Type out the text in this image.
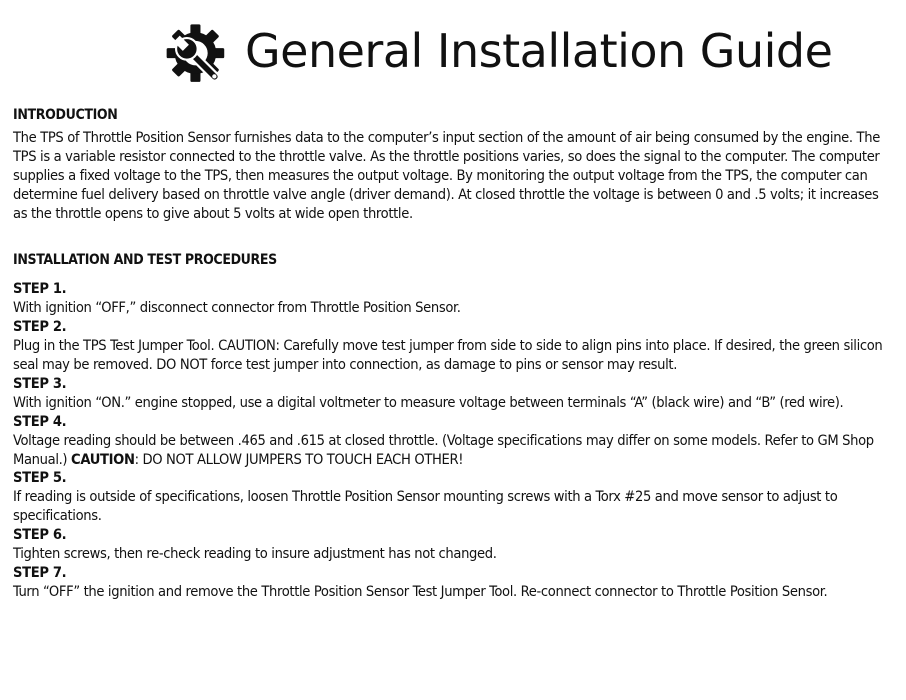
General Installation Guide

INTRODUCTION

The TPS of Throttle Position Sensor furnishes data to the computer’s input section of the amount of air being consumed by the engine. The TPS is a variable resistor connected to the throttle valve. As the throttle positions varies, so does the signal to the computer. The computer supplies a fixed voltage to the TPS, then measures the output voltage. By monitoring the output voltage from the TPS, the computer can determine fuel delivery based on throttle valve angle (driver demand). At closed throttle the voltage is between 0 and .5 volts; it increases as the throttle opens to give about 5 volts at wide open throttle.

INSTALLATION AND TEST PROCEDURES

STEP 1.

With ignition “OFF,” disconnect connector from Throttle Position Sensor.

STEP 2.

Plug in the TPS Test Jumper Tool. CAUTION: Carefully move test jumper from side to side to align pins into place. If desired, the green silicon seal may be removed. DO NOT force test jumper into connection, as damage to pins or sensor may result.

STEP 3.

With ignition “ON.” engine stopped, use a digital voltmeter to measure voltage between terminals “A” (black wire) and “B” (red wire).

STEP 4.

Voltage reading should be between .465 and .615 at closed throttle. (Voltage specifications may differ on some models. Refer to GM Shop Manual.) CAUTION: DO NOT ALLOW JUMPERS TO TOUCH EACH OTHER!

STEP 5.

If reading is outside of specifications, loosen Throttle Position Sensor mounting screws with a Torx #25 and move sensor to adjust to specifications.

STEP 6.

Tighten screws, then re-check reading to insure adjustment has not changed.

STEP 7.

Turn “OFF” the ignition and remove the Throttle Position Sensor Test Jumper Tool. Re-connect connector to Throttle Position Sensor.
